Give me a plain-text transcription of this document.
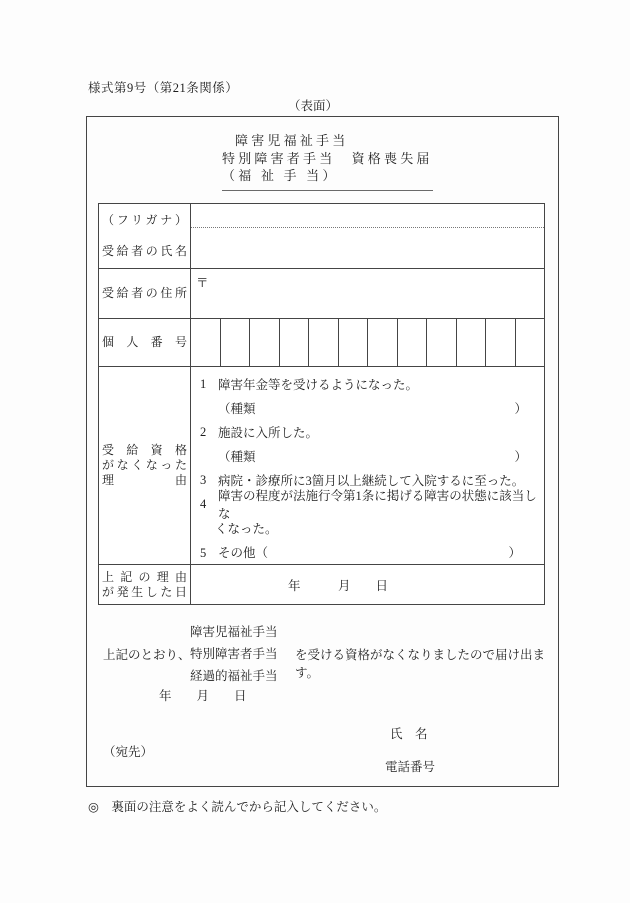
様式第9号（第21条関係）
（表面）
障害児福祉手当
特別障害者手当　資格喪失届
（福 祉 手 当）
（フリガナ）
受給者の氏名
受給者の住所
〒
個　人　番　号
受　給　資　格
がなくなった
理　　　　由
1 障害年金等を受けるようになった。
（種類	）
2 施設に入所した。
（種類	）
3 病院・診療所に3箇月以上継続して入院するに至った。
4
障害の程度が法施行令第1条に掲げる障害の状態に該当しな
くなった。
5 その他（	）
上記の理由
が発生した日	年　　　月　　日
上記のとおり、
障害児福祉手当
特別障害者手当
経過的福祉手当
を受ける資格がなくなりましたので届け出ます。
年　　月　　日
氏　名
（宛先）
電話番号
◎　裏面の注意をよく読んでから記入してください。
